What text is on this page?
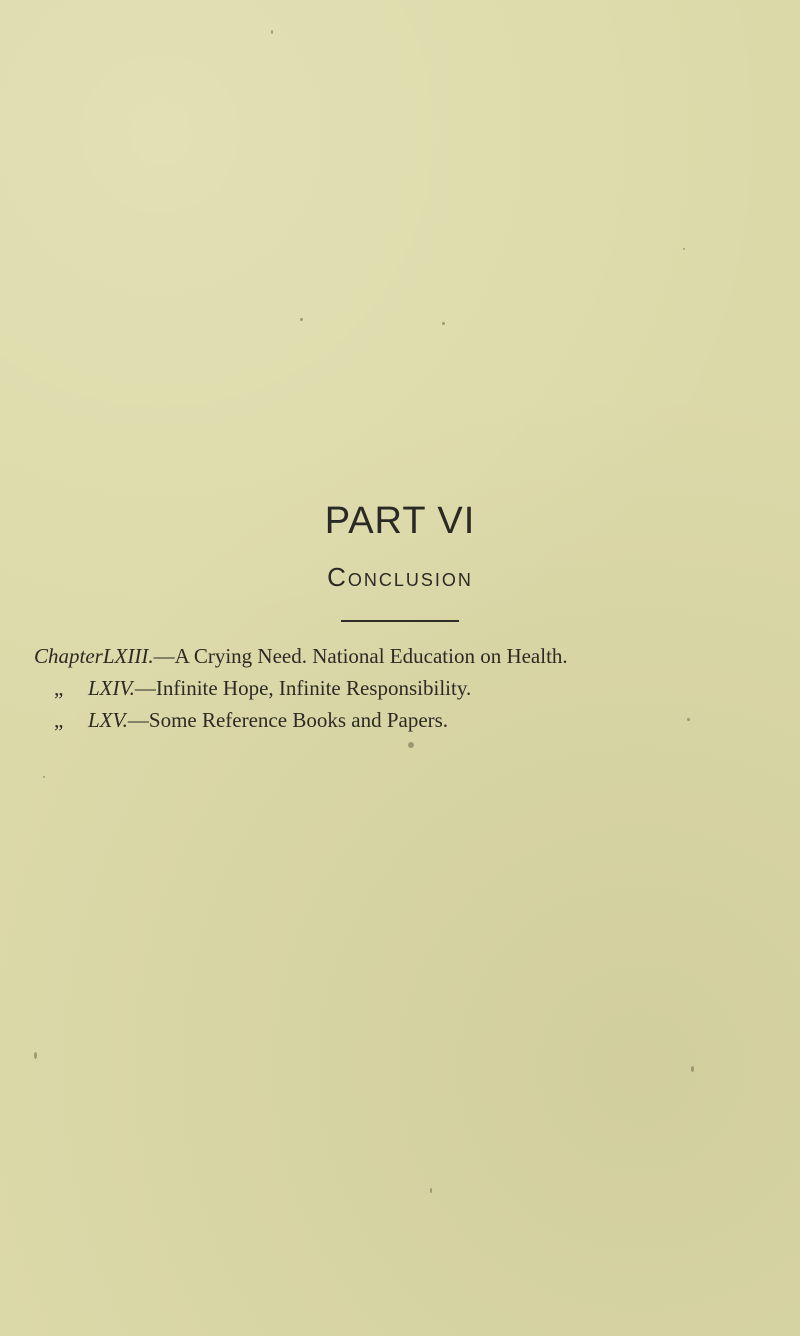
PART VI
Conclusion
ChapterLXIII.—A Crying Need. National Education on Health.
„ LXIV.—Infinite Hope, Infinite Responsibility.
„ LXV.—Some Reference Books and Papers.
